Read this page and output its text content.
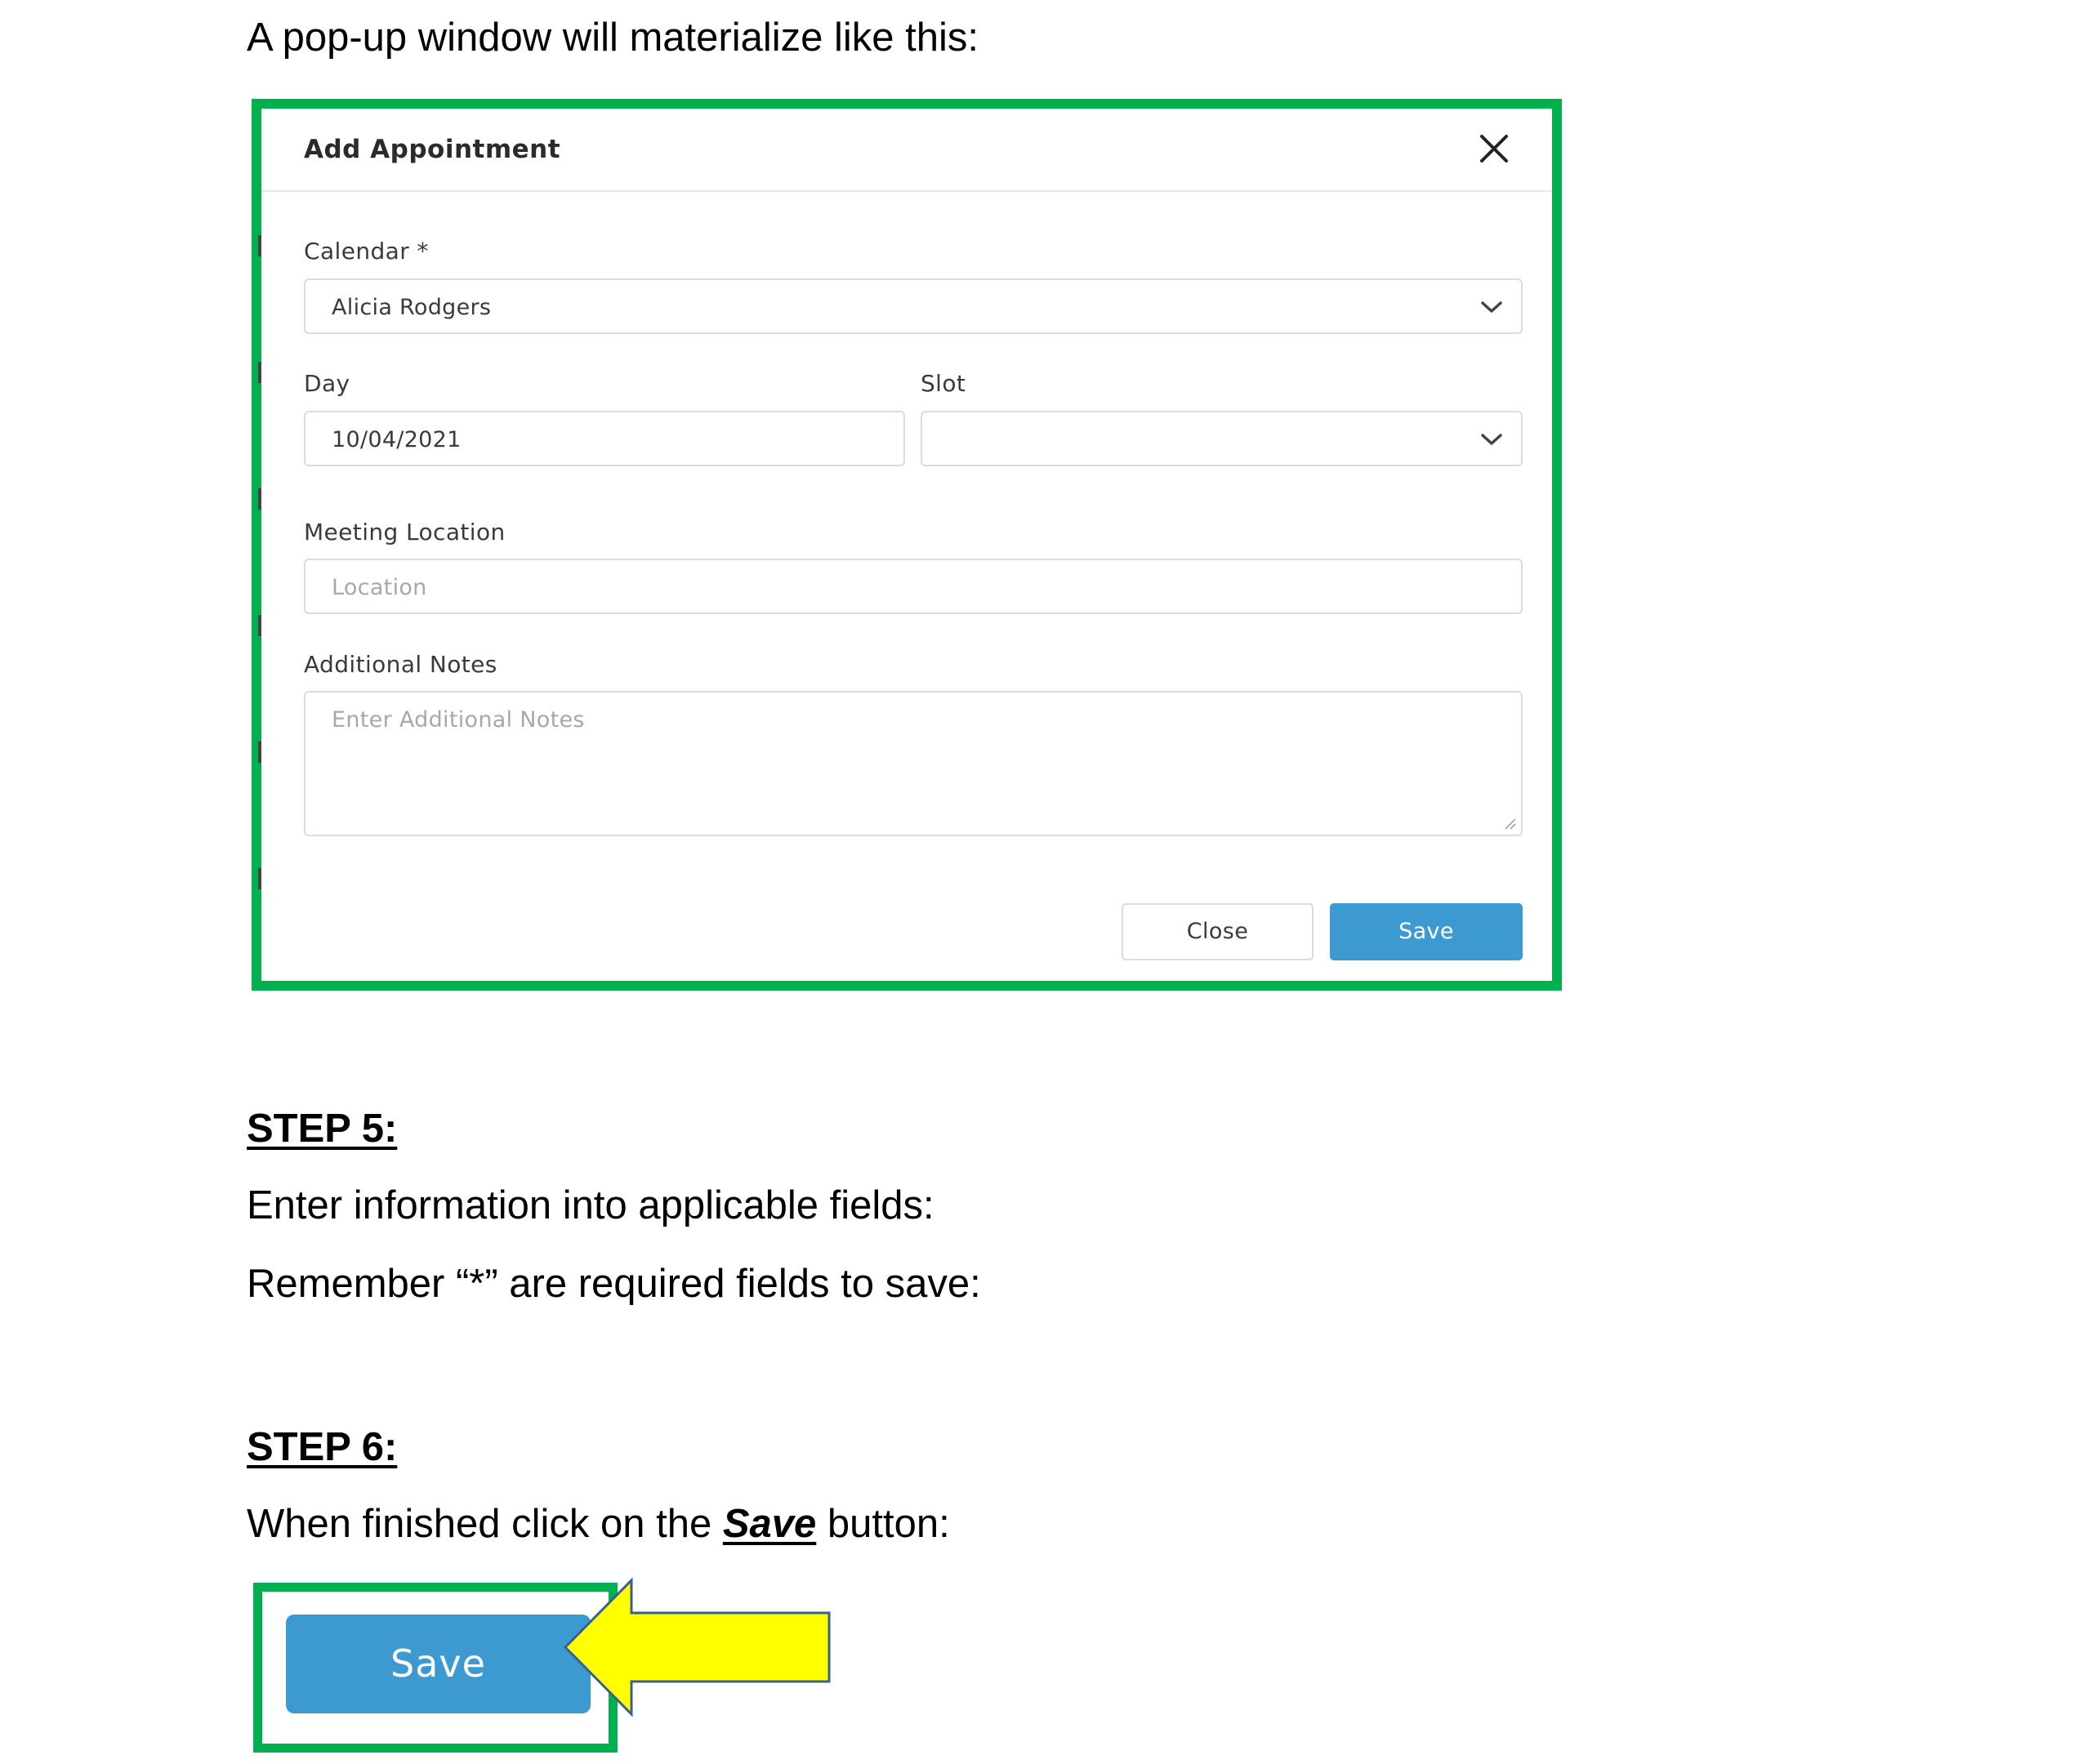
A pop-up window will materialize like this:

Add Appointment
Calendar *
Alicia Rodgers
Day	Slot
10/04/2021
Meeting Location
Location
Additional Notes
Enter Additional Notes
Close	Save

STEP 5:

Enter information into applicable fields:

Remember “*” are required fields to save:

STEP 6:

When finished click on the Save button:

Save
